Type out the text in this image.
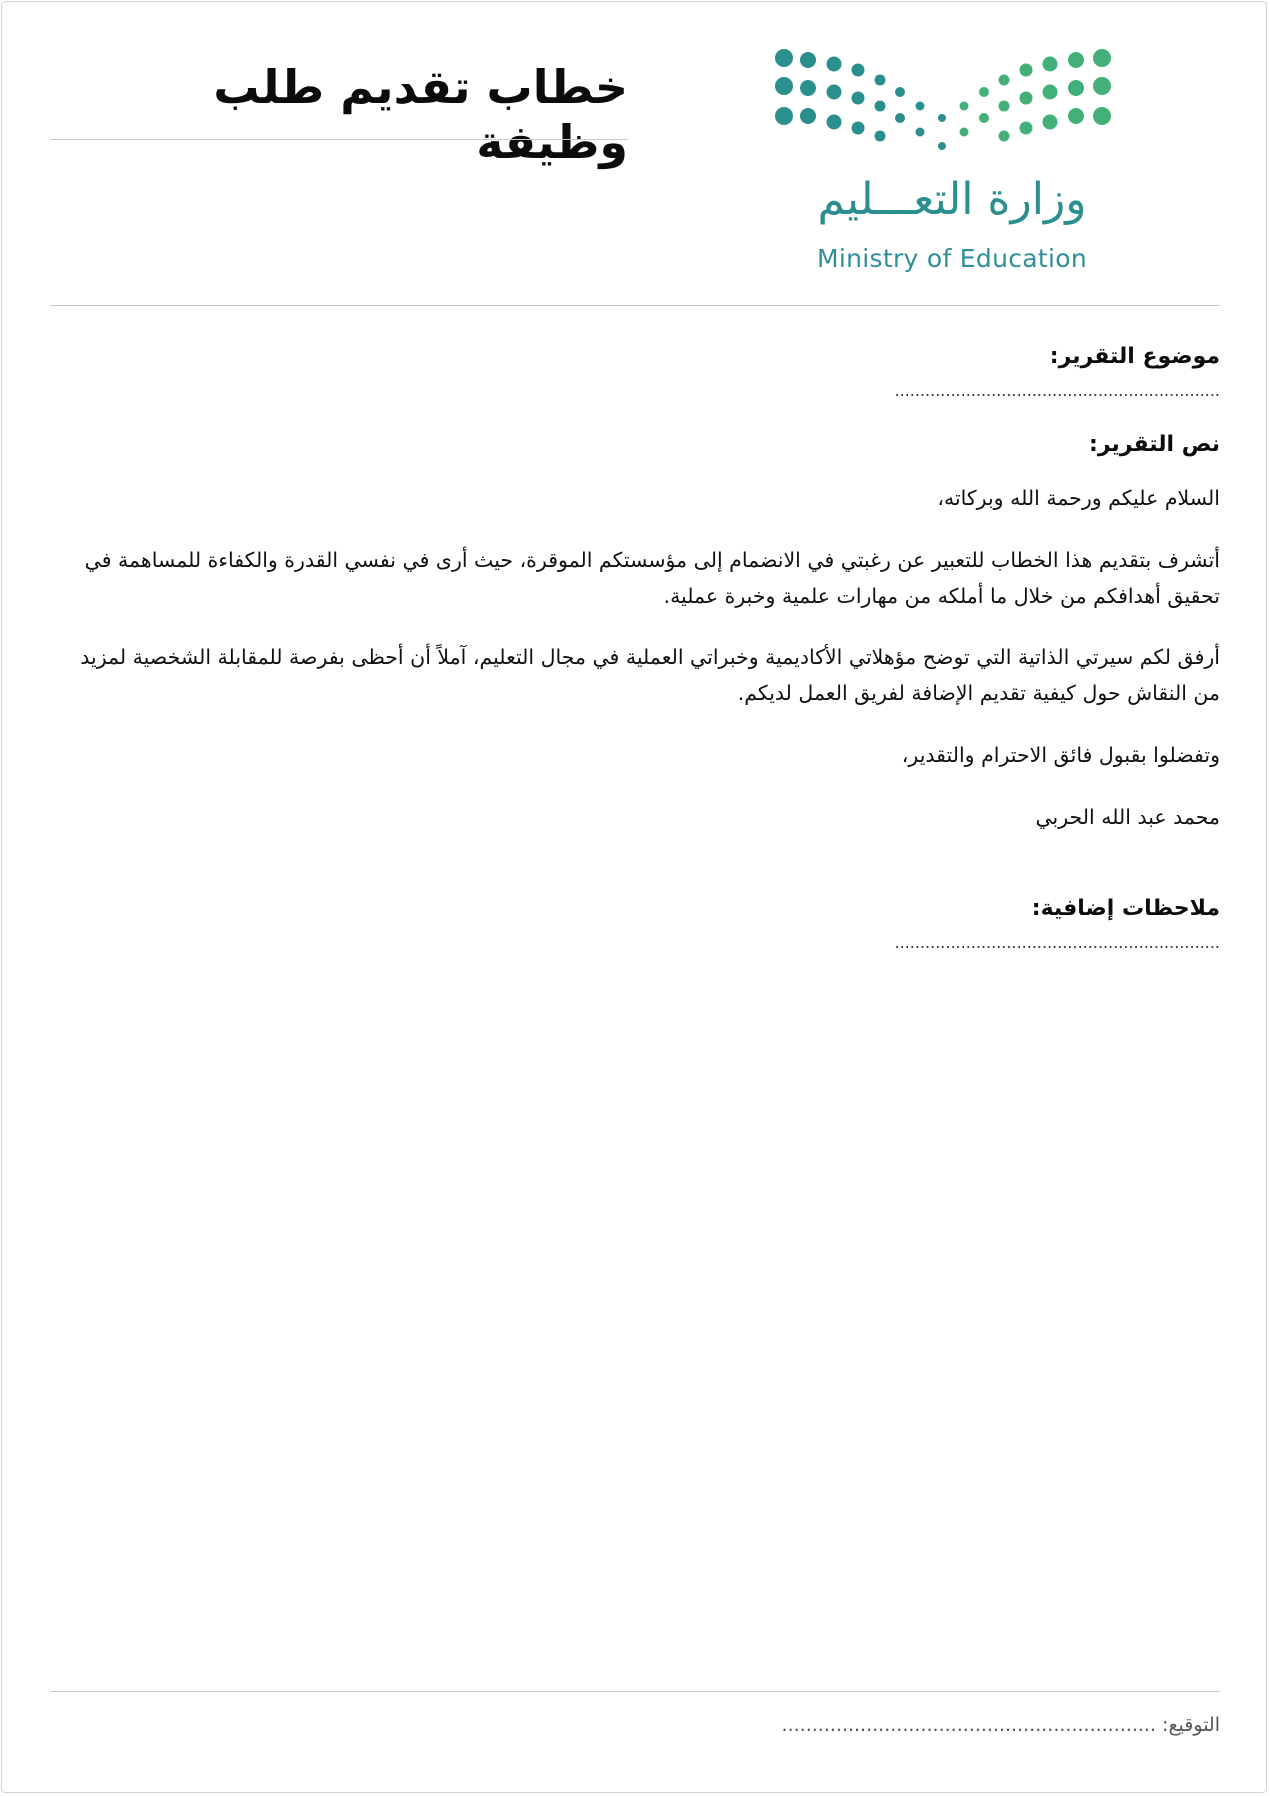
خطاب تقديم طلب وظيفة
وزارة التعـــليم
Ministry of Education

موضوع التقرير:

................................................................

نص التقرير:

السلام عليكم ورحمة الله وبركاته،

أتشرف بتقديم هذا الخطاب للتعبير عن رغبتي في الانضمام إلى مؤسستكم الموقرة، حيث أرى في نفسي القدرة والكفاءة للمساهمة في تحقيق أهدافكم من خلال ما أملكه من مهارات علمية وخبرة عملية.

أرفق لكم سيرتي الذاتية التي توضح مؤهلاتي الأكاديمية وخبراتي العملية في مجال التعليم، آملاً أن أحظى بفرصة للمقابلة الشخصية لمزيد من النقاش حول كيفية تقديم الإضافة لفريق العمل لديكم.

وتفضلوا بقبول فائق الاحترام والتقدير،

محمد عبد الله الحربي

ملاحظات إضافية:

................................................................

التوقيع: ..............................................................
